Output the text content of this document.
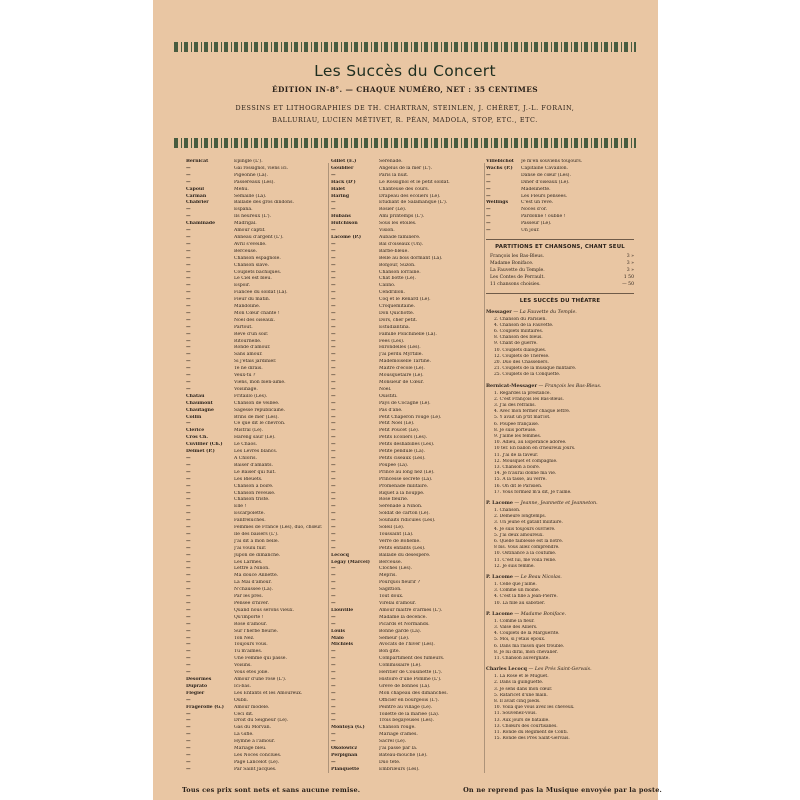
Les Succès du Concert
ÉDITION IN-8°. — CHAQUE NUMÉRO, NET : 35 CENTIMES
DESSINS ET LITHOGRAPHIES DE TH. CHARTRAN, STEINLEN, J. CHÉRET, J.-L. FORAIN,
BALLURIAU, LUCIEN MÉTIVET, R. PÉAN, MADOLA, STOP, ETC., ETC.
Bernicat	Épingle (L').
—	Gai rossignol, viens ici.
—	Pigeonne (La).
—	Passereaux (Les).
Capoul	Méhu.
Carman	Semaille (La).
Chabrier	Ballade des gros dindons.
—	España.
—	Ils heureux (L').
Chaminade	Madrigal.
—	Amour captif.
—	Anneau d'argent (L').
—	Avril s'éveille.
—	Berceuse.
—	Chanson espagnole.
—	Chanson slave.
—	Couplets bachiques.
—	Le Ciel est bleu.
—	Espoir.
—	Fiancée du soldat (La).
—	Fleur du matin.
—	Mandoline.
—	Mon Cœur chante !
—	Noël des oiseaux.
—	Partout.
—	Rêve d'un soir.
—	Ritournelle.
—	Ronde d'amour.
—	Sans amour.
—	Si j'étais jardinier.
—	Te ne dirais.
—	Veux-tu ?
—	Viens, mon bien-aimé.
—	Voisinage.
Chatau	Fritaillo (Les).
Chaumont	Chanson de veillée.
Chautagne	Sagesse républicaine.
Collin	Brins de mer (Les).
—	Ce que dit le chevron.
Clérice	Mistral (Le).
Cros Ch.	Hareng saur (Le).
Cuvillier (Ch.)	Le Chaos.
Delmet (P.)	Les Lèvres blancs.
—	À Chloris.
—	Baiser d'amants.
—	Le Baiser qui fuit.
—	Les Bleuets.
—	Chanson à boire.
—	Chanson rêveuse.
—	Chanson triste.
—	Elle !
—	Escarpolette.
—	Fanfreluches.
—	Femmes de France (Les), duo, chœur.
—	Ile des baisers (L').
—	J'ai dit à mon belle.
—	J'ai voulu fuir.
—	Jupon de dimanche.
—	Les Larmes.
—	Lettre à Ninon.
—	Ma douce Annette.
—	La Mai d'amour.
—	N'chaussée (La).
—	Par les prés.
—	Pensée d'hiver.
—	Quand nous serons vieux.
—	Qu'importe !
—	Rose d'amour.
—	Sur l'herbe fleurie.
—	Ton Nez.
—	Toujours vous.
—	Tu m'aimes.
—	Une Femme qui passe.
—	Voisins.
—	Vous êtes jolie.
Desormes	Amour d'une rose (L').
Duprato	Ici-bas.
Flégier	Les Enfants et les Amoureux.
—	Oubli.
Fragerolle (G.)	Amour modèle.
—	Ceci dit.
—	Droit du Seigneur (Le).
—	Gas du Morvan.
—	La Gifle.
—	Hymne à l'amour.
—	Mariage bleu.
—	Les Noces conclues.
—	Page Lancelot (Le).
—	Par Saint Jacques.
Gillet (E.)	Sérénade.
Goublier	Angelus de la mer (L').
—	Paris la nuit.
Hack (D')	Le Rossignol et le petit soldat.
Halet	Chanteuse des cours.
Haring	Drapeau des écoliers (Le).
—	Étudiant de Salamanque (L').
—	Rosier (Le).
Hubans	Ami printemps (L').
Hutchison	Sous les étoiles.
—	Vision.
Lacome (P.)	Aubade familière.
—	Bal d'oiseaux (Un).
—	Barbe-bleue.
—	Belle au bois dormant (La).
—	Bonjour, Suzon.
—	Chanson lorraine.
—	Chat botté (Le).
—	Calino.
—	Cendrillon.
—	Coq et le Renard (Le).
—	Croquemitaine.
—	Don Quichotte.
—	Dors, cher petit.
—	Estudiantina.
—	Famille Polichinelle (La).
—	Fées (Les).
—	Hirondelles (Les).
—	J'ai perdu Myrtille.
—	Mademoiselle Tartine.
—	Maître d'école (Le).
—	Mousquetaire (Le).
—	Monsieur de Cœur.
—	Noël.
—	Ouistiti.
—	Pays de Cocagne (Le).
—	Pas d'âne.
—	Petit Chaperon rouge (Le).
—	Petit Noël (Le).
—	Petit Poucet (Le).
—	Petits Écoliers (Les).
—	Petits déshabillés (Les).
—	Petite pendule (La).
—	Petits ciseaux (Les).
—	Poupée (La).
—	Prince au long nez (Le).
—	Princesse secrète (La).
—	Promenade militaire.
—	Riquet à la houppe.
—	Rose fleurie.
—	Sérénade à Ninon.
—	Soldat de carton (Le).
—	Souhaits ridicules (Les).
—	Soleil (Le).
—	Toussaint (La).
—	Verre de Bohême.
—	Petits enfants (Les).
Lecocq	Ballade du désespéré.
Legay (Marcel)	Berceuse.
—	Cloches (Les).
—	Mépris.
—	Pourquoi fleurir ?
—	Sagittion.
—	Tout doux.
—	Virelai d'amour.
Liouville	Amour maître d'armes (L').
—	Madame la décence.
—	Picards et Normands.
Louis	Bonne garde (La).
Malo	Semeur (Le).
Michiels	Avocats de l'hiver (Les).
—	Bon gîte.
—	Compartiment des fumeurs.
—	Commissaire (Le).
—	Héritier de Cousinette (L').
—	Histoire d'une Pomme (L').
—	Grève de bonnes (La).
—	Mon chapeau des dimanches.
—	Officier en bourgeois (L').
—	Peintre au village (Le).
—	Toilette de la mariée (La).
—	Trois bégayeuses (Les).
Montoya (G.)	Chanson rouge.
—	Mariage d'âmes.
—	Sacrel (Le).
Okolowicz	J'ai passé par là.
Perpignan	Bateau-mouche (Le).
—	Duo tête.
Planquette	Embrileurs (Les).
Villebichot	Je m'en souviens toujours.
Wachs (P.)	Capitaine Cavaillon.
—	Danse de cœur (Les).
—	Dîner d'oiseaux (Le).
—	Madelinette.
—	Les Fleurs pensées.
Wellings	C'est un rêve.
—	Noces d'or.
—	Pardonne ! oublie !
—	Passeur (Le).
—	Un jour.
PARTITIONS ET CHANSONS, CHANT SEUL
François les Bas-Bleus.	3 »
Madame Boniface.	3 »
La Fauvette du Temple.	3 »
Les Contes de Perrault.	1 50
11 chansons choisies.	— 50
LES SUCCÈS DU THÉATRE
Messager — La Fauvette du Temple.
2. Chanson du Parisien.
4. Chanson de la Fauvette.
6. Couplets militaires.
8. Chanson des bleus.
9. Chant de guerre.
10. Couplets dialogués.
12. Couplets de Thérèse.
20. Duo des Chasseliers.
21. Couplets de la musique militaire.
25. Couplets de la Conquette.
Bernicat-Messager — François les Bas-Bleus.
1. Regardes la prestance.
2. C'est François les Bas-Bleus.
3. J'ai des refrains.
4. Avec mon fermer chaque lettre.
5. Y avait un p'tit mat'lot.
6. Poupée française.
8. Je suis porteuse.
9. J'aime les femmes.
10. Adieu, au Espérance adorée.
10 ter. En ballon en d'heureux jours.
11. J'ai de la faveur.
12. Mousquet et compagnie.
13. Chanson à boire.
14. Je n'aurai donné ma vie.
15. À la tasse, au verre.
16. On dit le Parisien.
17. Vous formiez m'a dit, Je t'aime.
P. Lacome — Jeanne, Jeannette et Jeanneton.
1. Chanson.
2. Demeure longtemps.
3. Un jeune et gâtant militaire.
4. Je suis toujours ouvrière.
5. J'ai deux amoureux.
6. Quelle faiblesse est la nôtre.
8 bis. Vous allez comprendre.
10. Ostinance à la coutume.
11. C'est lui, me voilà reine.
12. Je suis femme.
P. Lacome — Le Beau Nicolas.
1. Celle que j'aime.
3. Comme un moine.
4. C'est la fille à Jean-Pierre.
10. La fille au sabotier.
P. Lacome — Madame Boniface.
1. Comme la fleur.
3. Valse des Alliers.
4. Couplets de la Marguerite.
5. Moi, si j'étais époux.
6. Dans ma raison quel trouble.
8. Je lui dirai, mon chevalier.
11. Chanson auvergnate.
Charles Lecocq — Les Prés Saint-Gervais.
1. La Rose et le Muguet.
2. Dans la guinguette.
3. Je sens dans mon cœur.
5. Rataricet d'une main.
8. Il avait cinq pieds.
10. Voilà que vous avez les cheveux.
11. Souvenez-vous.
13. Aux jours de bataille.
13. Chœurs des courtisanes.
11. Ronde du Régiment de Conti.
15. Ronde des Prés Saint-Gervais.
Tous ces prix sont nets et sans aucune remise.	On ne reprend pas la Musique envoyée par la poste.
